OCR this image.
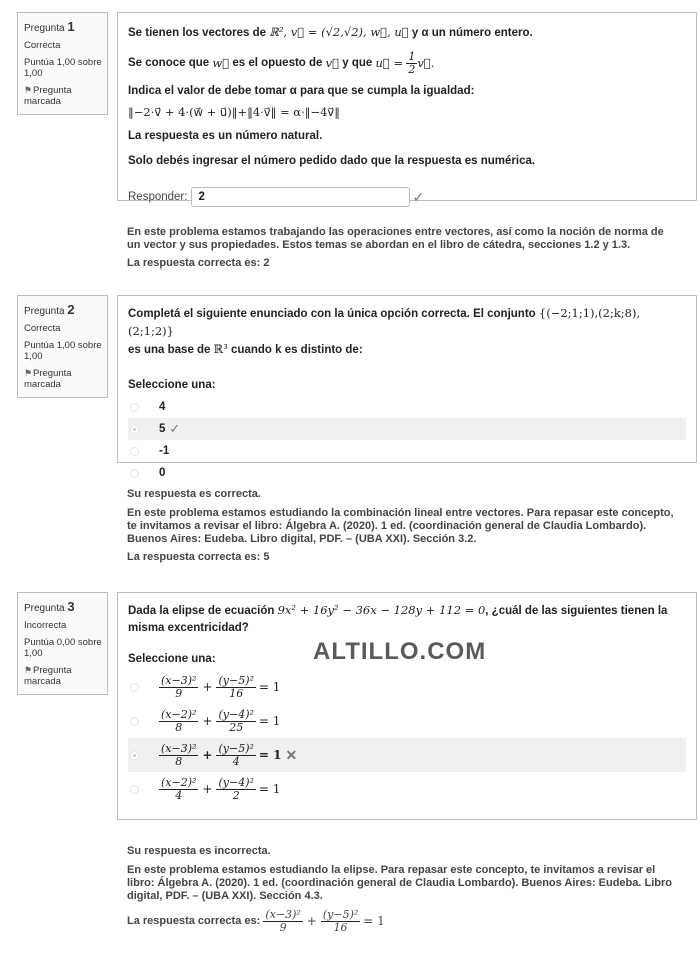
Pregunta 1
Correcta
Puntúa 1,00 sobre 1,00
⚑Pregunta marcada

Se tienen los vectores de ℝ², v⃗ = (√2,√2), w⃗, u⃗ y α un número entero.

Se conoce que
w⃗
es el opuesto de
v⃗
y que
u⃗ =
$\frac{1}{2}$ v⃗.

Indica el valor de debe tomar α para que se cumpla la igualdad:

‖−2·v⃗ + 4·(w⃗ + u⃗)‖+‖4·v⃗‖ = α·‖−4v⃗‖

La respuesta es un número natural.

Solo debés ingresar el número pedido dado que la respuesta es numérica.

Responder:
2	✓
En este problema estamos trabajando las operaciones entre vectores, así como la noción de norma de un vector y sus propiedades. Estos temas se abordan en el libro de cátedra, secciones 1.2 y 1.3.
La respuesta correcta es: 2
Pregunta 2
Correcta
Puntúa 1,00 sobre 1,00
⚑Pregunta marcada

Completá el siguiente enunciado con la única opción correcta. El conjunto {(−2;1;1),(2;k;8),(2;1;2)}
es una base de ℝ³ cuando k es distinto de:

Seleccione una:

4
5 ✓
-1
0
Su respuesta es correcta.
En este problema estamos estudiando la combinación lineal entre vectores. Para repasar este concepto, te invitamos a revisar el libro: Álgebra A. (2020). 1 ed. (coordinación general de Claudia Lombardo). Buenos Aires: Eudeba. Libro digital, PDF. – (UBA XXI). Sección 3.2.
La respuesta correcta es: 5
Pregunta 3
Incorrecta
Puntúa 0,00 sobre 1,00
⚑Pregunta marcada

Dada la elipse de ecuación 9x² + 16y² − 36x − 128y + 112 = 0, ¿cuál de las siguientes tienen la misma excentricidad?

Seleccione una:

$\frac{\text{(x−3)²}}{9} + \frac{\text{(y−5)²}}{16} = 1$
$\frac{\text{(x−2)²}}{8} + \frac{\text{(y−4)²}}{25} = 1$
$\frac{\text{(x−3)²}}{8} + \frac{\text{(y−5)²}}{4} = 1$ ✕
$\frac{\text{(x−2)²}}{4} + \frac{\text{(y−4)²}}{2} = 1$
ALTILLO.COM
Su respuesta es incorrecta.
En este problema estamos estudiando la elipse. Para repasar este concepto, te invitamos a revisar el libro: Álgebra A. (2020). 1 ed. (coordinación general de Claudia Lombardo). Buenos Aires: Eudeba. Libro digital, PDF. – (UBA XXI). Sección 4.3.
La respuesta correcta es:
$\frac{\text{(x−3)²}}{9} + \frac{\text{(y−5)²}}{16} = 1$
